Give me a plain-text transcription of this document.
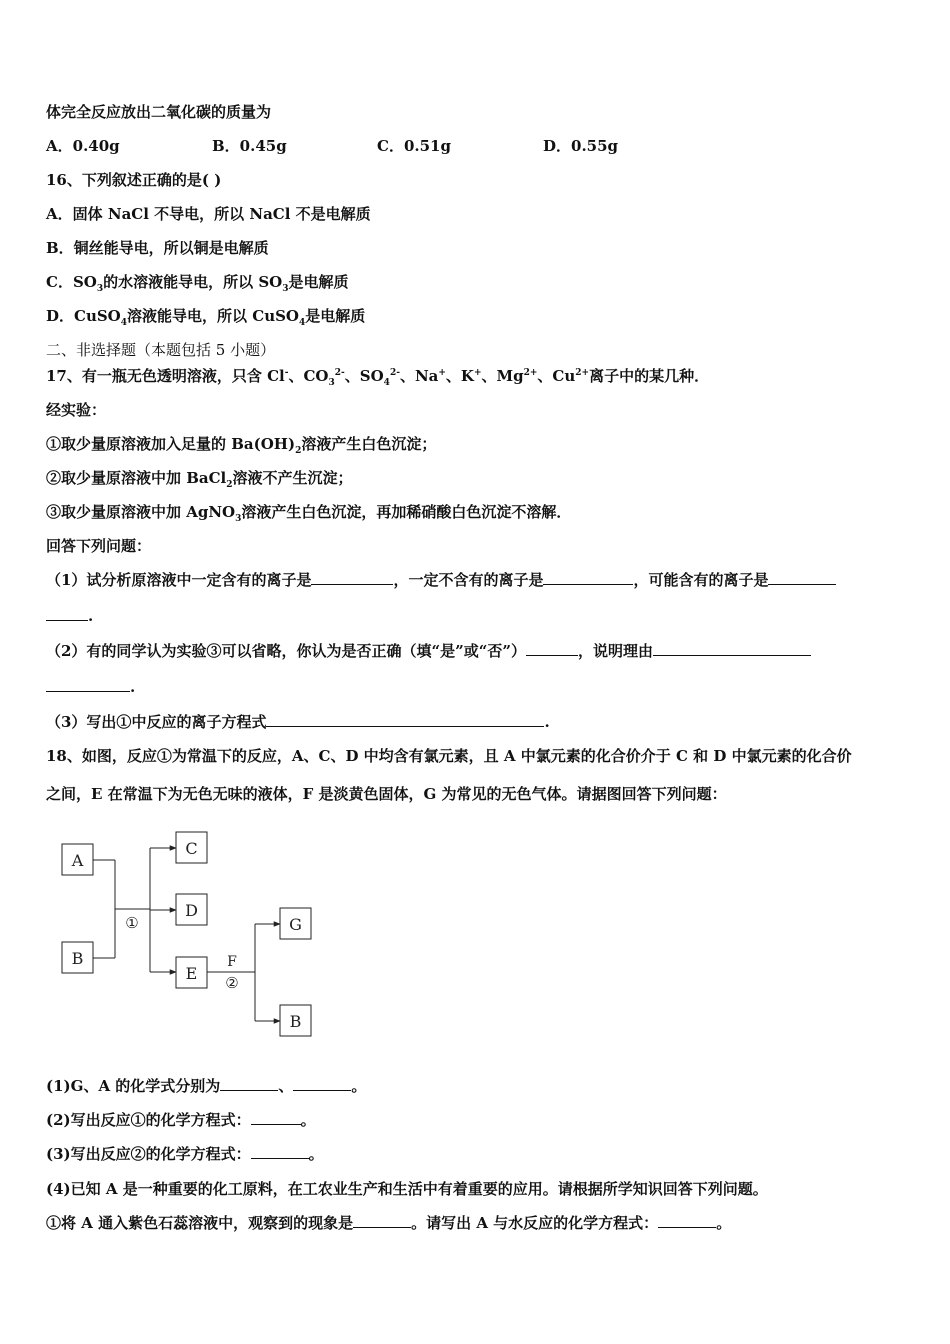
体完全反应放出二氧化碳的质量为
A．0.40g	B．0.45g	C．0.51g	D．0.55g
16、下列叙述正确的是( )
A．固体 NaCl 不导电，所以 NaCl 不是电解质
B．铜丝能导电，所以铜是电解质
C．$SO_3$的水溶液能导电，所以 $SO_3$是电解质
D．CuSO$_4$溶液能导电，所以 CuSO$_4$是电解质
二、非选择题（本题包括 5 小题）
17、有一瓶无色透明溶液，只含 Cl-、$CO_3^{2-}$、$SO_4^{2-}$、Na+、K+、$Mg^{2+}$、$Cu^{2+}$离子中的某几种．
经实验：
①取少量原溶液加入足量的 $Ba(OH)_2$溶液产生白色沉淀；
②取少量原溶液中加 BaCl$_2$溶液不产生沉淀；
③取少量原溶液中加 AgNO$_3$溶液产生白色沉淀，再加稀硝酸白色沉淀不溶解．
回答下列问题：
（1）试分析原溶液中一定含有的离子是	，一定不含有的离子是	，可能含有的离子是
.
（2）有的同学认为实验③可以省略，你认为是否正确（填“是”或“否”）	，说明理由
.
（3）写出①中反应的离子方程式	.
18、如图，反应①为常温下的反应，A、C、D 中均含有氯元素，且 A 中氯元素的化合价介于 C 和 D 中氯元素的化合价
之间，E 在常温下为无色无味的液体，F 是淡黄色固体，G 为常见的无色气体。请据图回答下列问题：
A
B
C
D
E
G
B
①
F
②
(1)G、A 的化学式分别为	、	。
(2)写出反应①的化学方程式：	。
(3)写出反应②的化学方程式：	。
(4)已知 A 是一种重要的化工原料，在工农业生产和生活中有着重要的应用。请根据所学知识回答下列问题。
①将 A 通入紫色石蕊溶液中，观察到的现象是	。请写出 A 与水反应的化学方程式：	。
